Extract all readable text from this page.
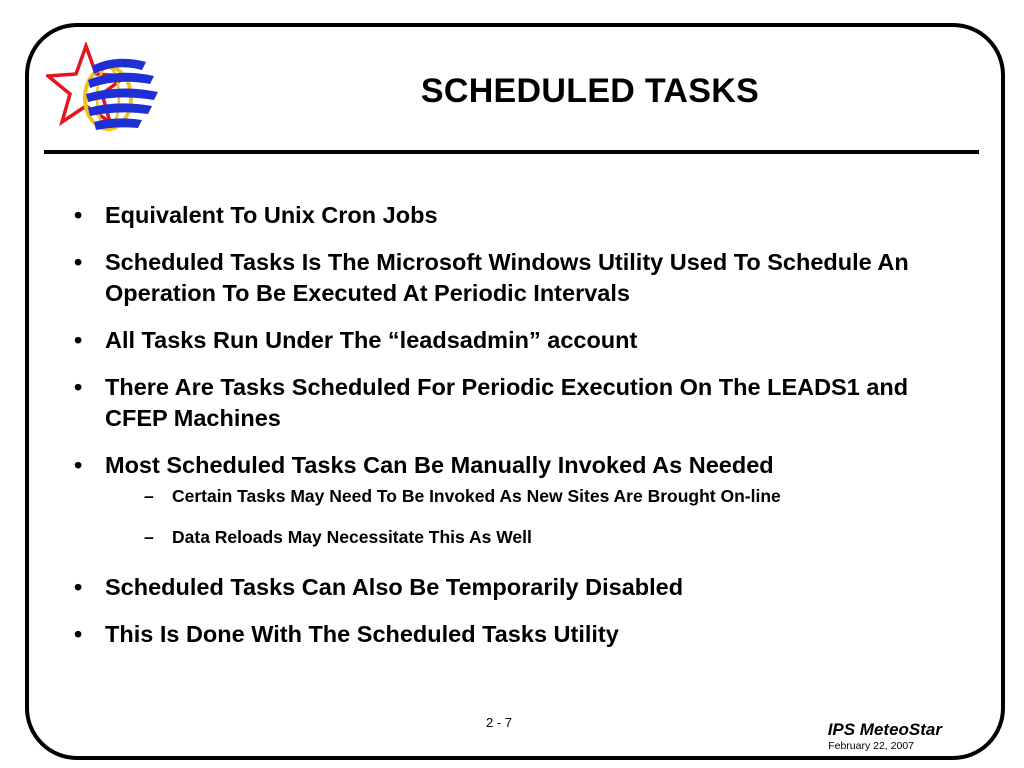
SCHEDULED TASKS
• Equivalent To Unix Cron Jobs
• Scheduled Tasks Is The Microsoft Windows Utility Used To Schedule An Operation To Be Executed At Periodic Intervals
• All Tasks Run Under The “leadsadmin” account
• There Are Tasks Scheduled For Periodic Execution On The LEADS1 and CFEP Machines
• Most Scheduled Tasks Can Be Manually Invoked As Needed
– Certain Tasks May Need To Be Invoked As New Sites Are Brought On-line
– Data Reloads May Necessitate This As Well
• Scheduled Tasks Can Also Be Temporarily Disabled
• This Is Done With The Scheduled Tasks Utility
2 - 7	IPS MeteoStar
February 22, 2007
